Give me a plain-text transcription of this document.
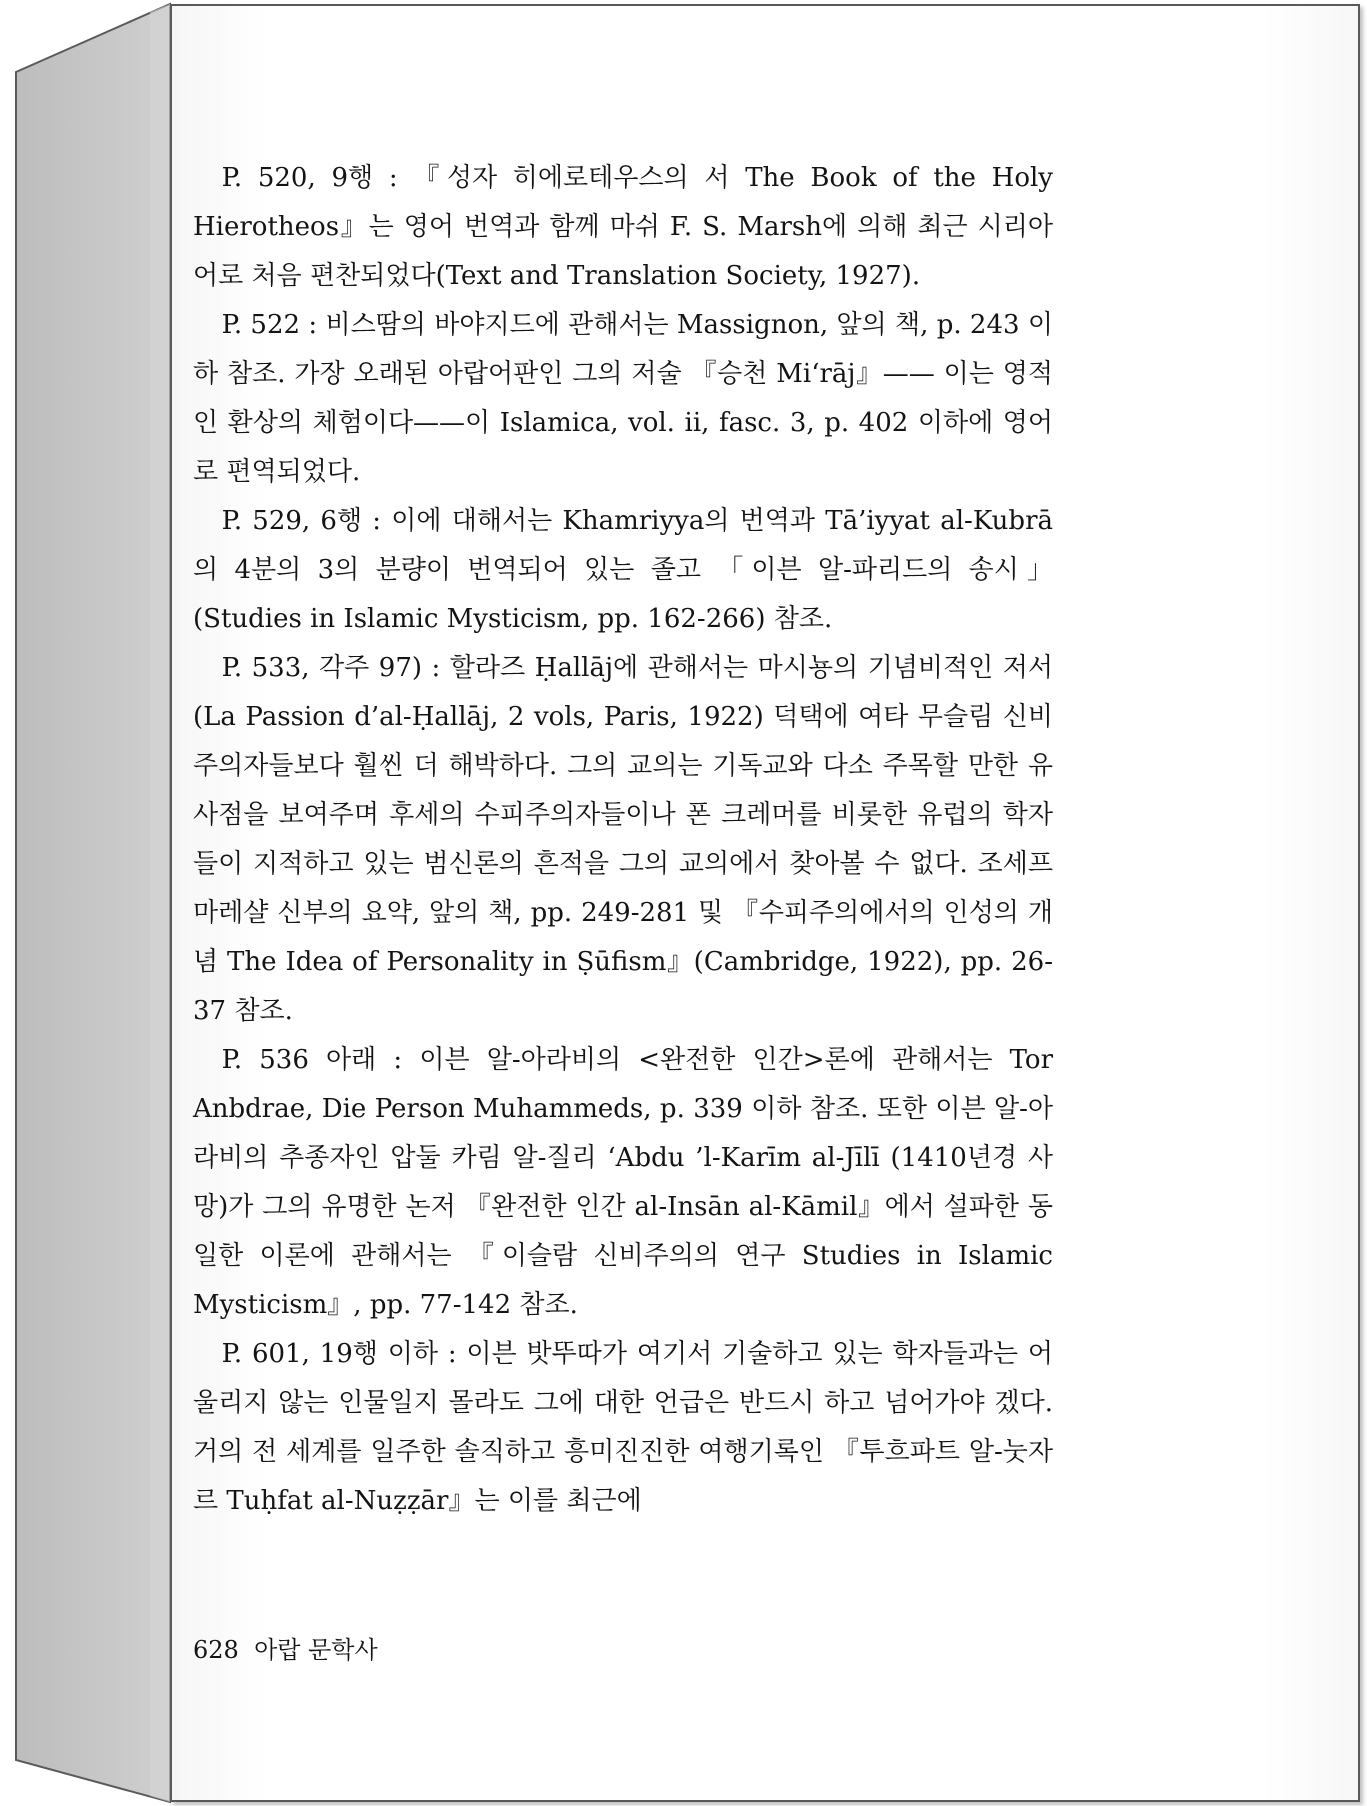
P. 520, 9행 : 『성자 히에로테우스의 서 The Book of the Holy Hierotheos』는 영어 번역과 함께 마쉬 F. S. Marsh에 의해 최근 시리아어로 처음 편찬되었다(Text and Translation Society, 1927).

P. 522 : 비스땀의 바야지드에 관해서는 Massignon, 앞의 책, p. 243 이하 참조. 가장 오래된 아랍어판인 그의 저술 『승천 Mi‘rāj』—— 이는 영적인 환상의 체험이다——이 Islamica, vol. ii, fasc. 3, p. 402 이하에 영어로 편역되었다.

P. 529, 6행 : 이에 대해서는 Khamriyya의 번역과 Tā’iyyat al-Kubrā의 4분의 3의 분량이 번역되어 있는 졸고 「이븐 알-파리드의 송시」(Studies in Islamic Mysticism, pp. 162-266) 참조.

P. 533, 각주 97) : 할라즈 Ḥallāj에 관해서는 마시뇽의 기념비적인 저서(La Passion d’al-Ḥallāj, 2 vols, Paris, 1922) 덕택에 여타 무슬림 신비주의자들보다 훨씬 더 해박하다. 그의 교의는 기독교와 다소 주목할 만한 유사점을 보여주며 후세의 수피주의자들이나 폰 크레머를 비롯한 유럽의 학자들이 지적하고 있는 범신론의 흔적을 그의 교의에서 찾아볼 수 없다. 조세프 마레샬 신부의 요약, 앞의 책, pp. 249-281 및 『수피주의에서의 인성의 개념 The Idea of Personality in Ṣūfism』(Cambridge, 1922), pp. 26-37 참조.

P. 536 아래 : 이븐 알-아라비의 <완전한 인간>론에 관해서는 Tor Anbdrae, Die Person Muhammeds, p. 339 이하 참조. 또한 이븐 알-아라비의 추종자인 압둘 카림 알-질리 ‘Abdu ’l-Karīm al-Jīlī (1410년경 사망)가 그의 유명한 논저 『완전한 인간 al-Insān al-Kāmil』에서 설파한 동일한 이론에 관해서는 『이슬람 신비주의의 연구 Studies in Islamic Mysticism』, pp. 77-142 참조.

P. 601, 19행 이하 : 이븐 밧뚜따가 여기서 기술하고 있는 학자들과는 어울리지 않는 인물일지 몰라도 그에 대한 언급은 반드시 하고 넘어가야 겠다. 거의 전 세계를 일주한 솔직하고 흥미진진한 여행기록인 『투흐파트 알-눗자르 Tuḥfat al-Nuẓẓār』는 이를 최근에

628 아랍 문학사
